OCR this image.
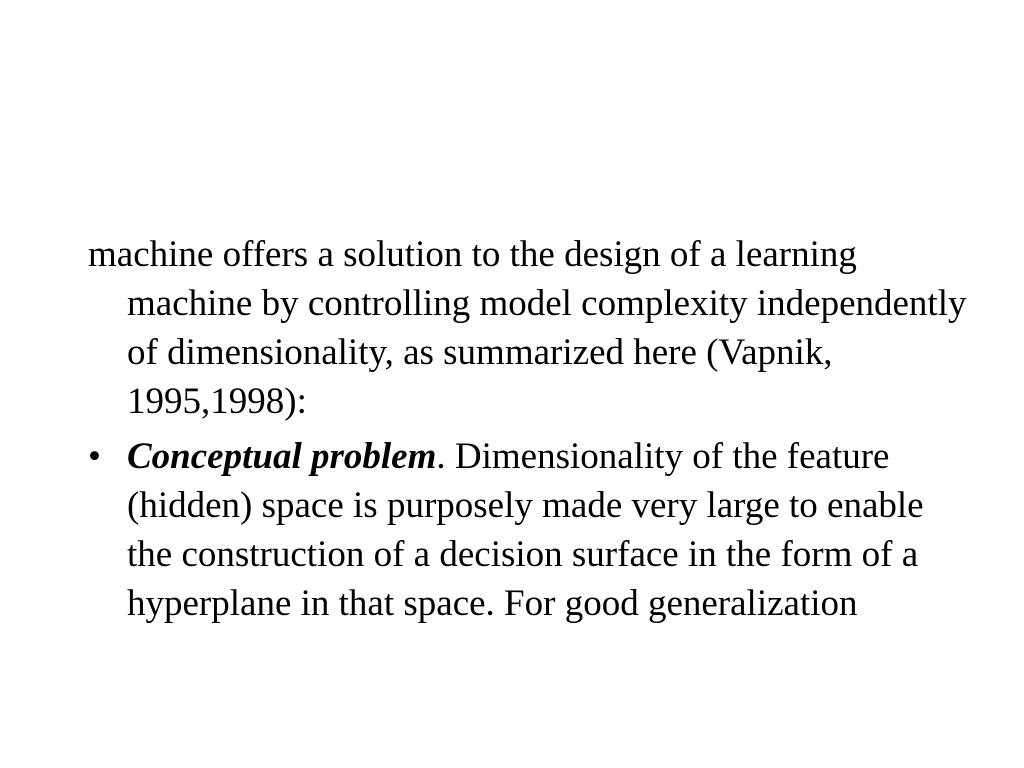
machine offers a solution to the design of a learning machine by controlling model complexity independently of dimensionality, as summarized here (Vapnik, 1995,1998):

• Conceptual problem. Dimensionality of the feature (hidden) space is purposely made very large to enable the construction of a decision surface in the form of a hyperplane in that space. For good generalization
